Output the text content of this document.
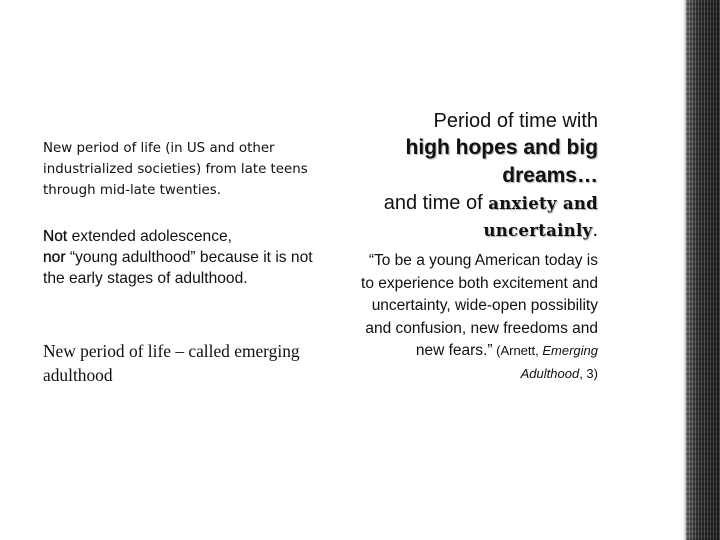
New period of life (in US and other industrialized societies) from late teens through mid-late twenties.

Not extended adolescence,
nor “young adulthood” because it is not the early stages of adulthood.

New period of life – called emerging adulthood

Period of time with
high hopes and big dreams…
and time of anxiety and uncertainly.

“To be a young American today is to experience both excitement and uncertainty, wide-open possibility and confusion, new freedoms and new fears.” (Arnett, Emerging Adulthood, 3)
